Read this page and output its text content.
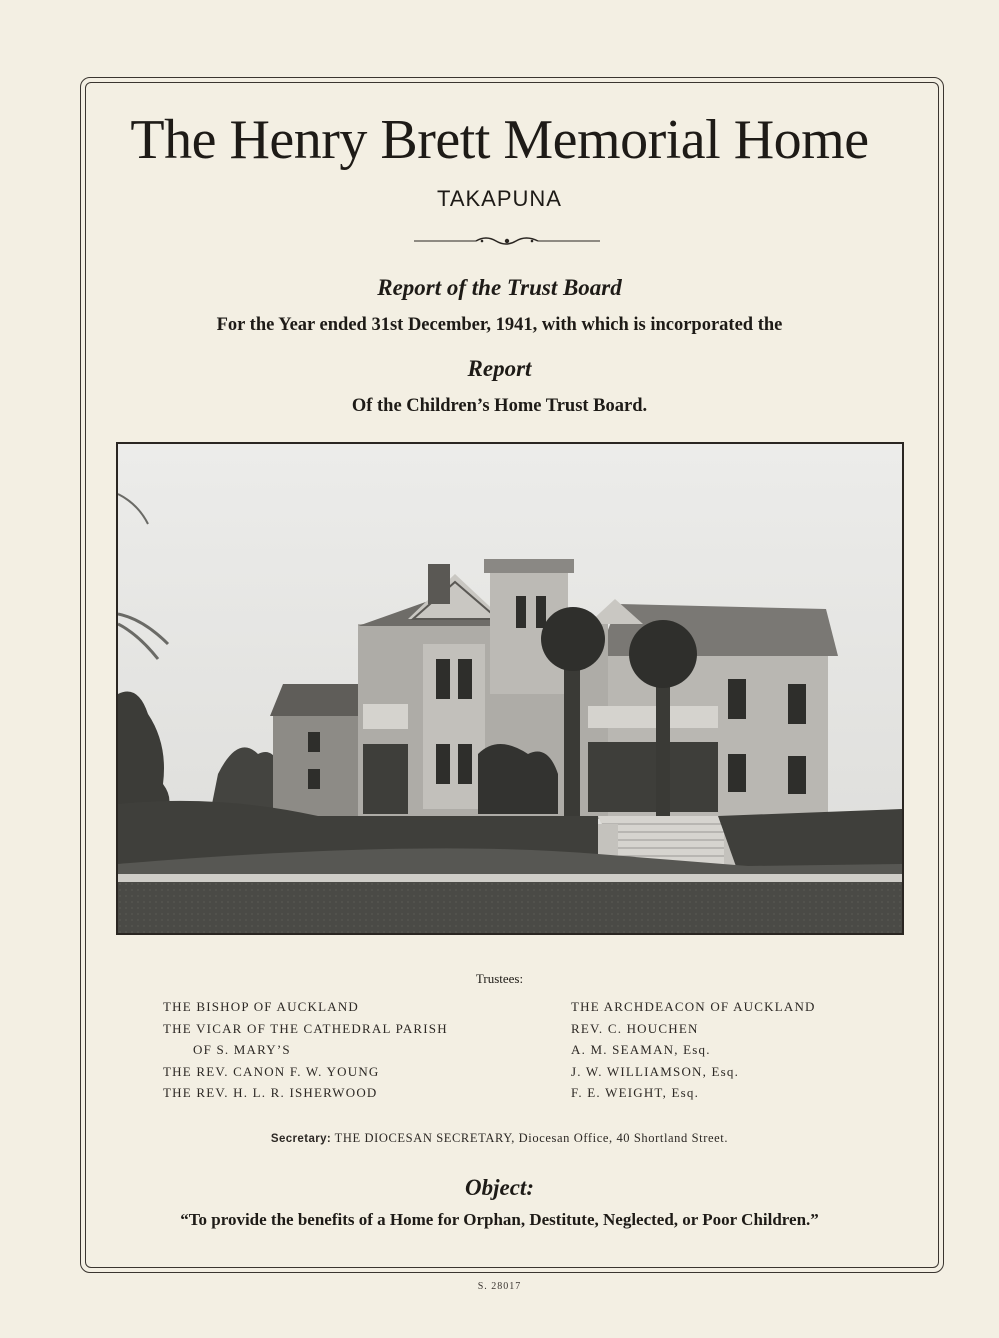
The Henry Brett Memorial Home
TAKAPUNA
Report of the Trust Board
For the Year ended 31st December, 1941, with which is incorporated the
Report
Of the Children’s Home Trust Board.
Trustees:
THE BISHOP OF AUCKLAND
THE VICAR OF THE CATHEDRAL PARISH
OF S. MARY’S
THE REV. CANON F. W. YOUNG
THE REV. H. L. R. ISHERWOOD
THE ARCHDEACON OF AUCKLAND
REV. C. HOUCHEN
A. M. SEAMAN, Esq.
J. W. WILLIAMSON, Esq.
F. E. WEIGHT, Esq.
Secretary: THE DIOCESAN SECRETARY, Diocesan Office, 40 Shortland Street.
Object:
“To provide the benefits of a Home for Orphan, Destitute, Neglected, or Poor Children.”
S. 28017
